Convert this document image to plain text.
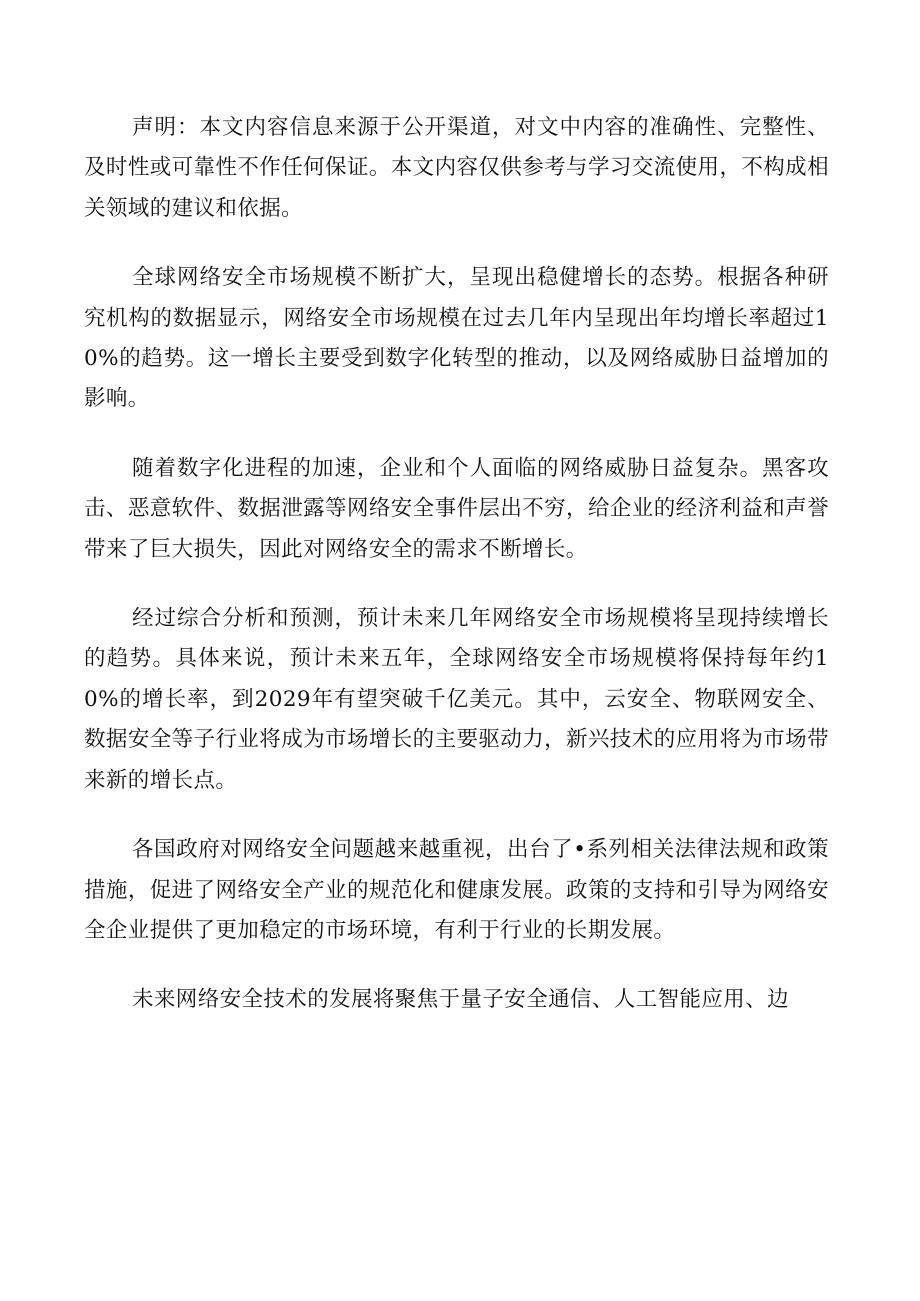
声明：本文内容信息来源于公开渠道，对文中内容的准确性、完整性、及时性或可靠性不作任何保证。本文内容仅供参考与学习交流使用，不构成相关领域的建议和依据。

全球网络安全市场规模不断扩大，呈现出稳健增长的态势。根据各种研究机构的数据显示，网络安全市场规模在过去几年内呈现出年均增长率超过10%的趋势。这一增长主要受到数字化转型的推动，以及网络威胁日益增加的影响。

随着数字化进程的加速，企业和个人面临的网络威胁日益复杂。黑客攻击、恶意软件、数据泄露等网络安全事件层出不穷，给企业的经济利益和声誉带来了巨大损失，因此对网络安全的需求不断增长。

经过综合分析和预测，预计未来几年网络安全市场规模将呈现持续增长的趋势。具体来说，预计未来五年，全球网络安全市场规模将保持每年约10%的增长率，到2029年有望突破千亿美元。其中，云安全、物联网安全、数据安全等子行业将成为市场增长的主要驱动力，新兴技术的应用将为市场带来新的增长点。

各国政府对网络安全问题越来越重视，出台了•系列相关法律法规和政策措施，促进了网络安全产业的规范化和健康发展。政策的支持和引导为网络安全企业提供了更加稳定的市场环境，有利于行业的长期发展。

未来网络安全技术的发展将聚焦于量子安全通信、人工智能应用、边
